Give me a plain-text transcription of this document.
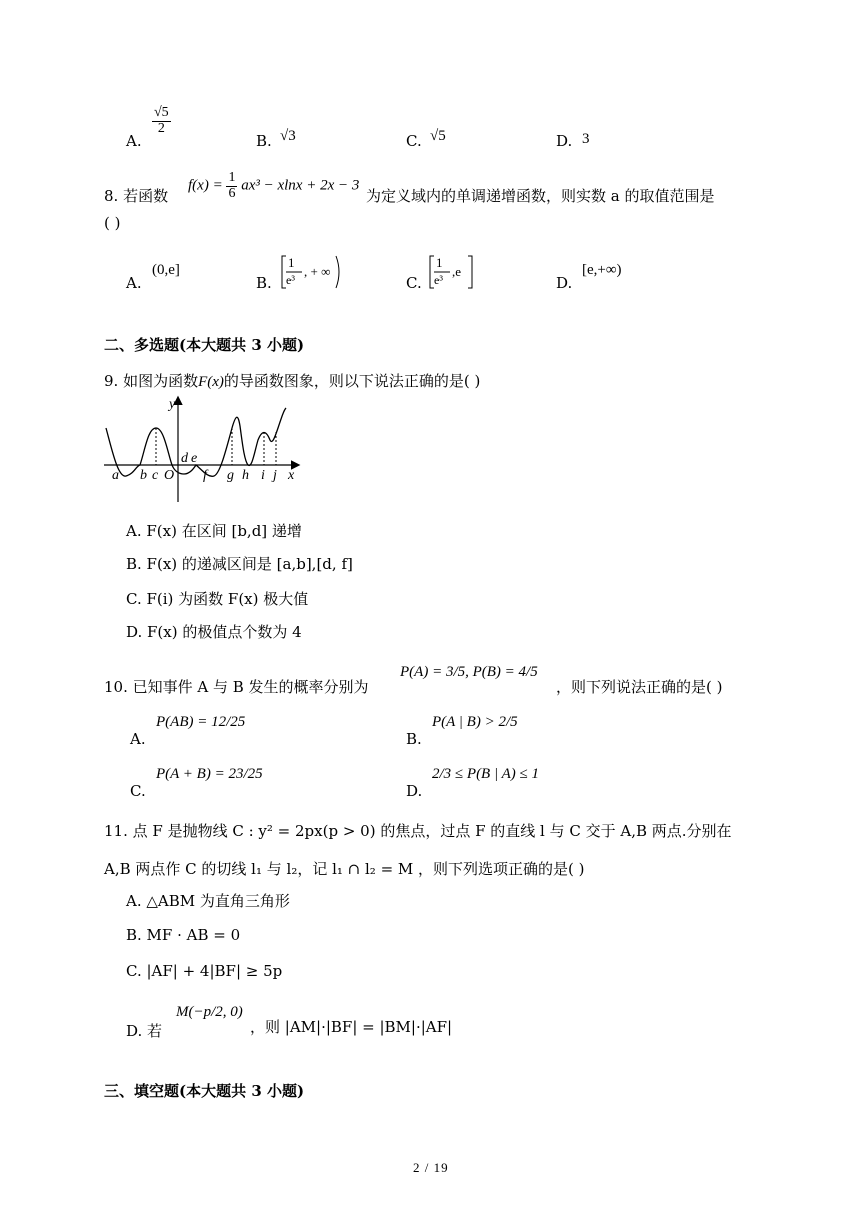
A.
$\frac{√5}{2}$
B. √3	C. √5	D. 3
8. 若函数
$f(x) = \frac{1}{6} ax^3 - xlnx + 2x - 3$
为定义域内的单调递增函数，则实数 a 的取值范围是
( )
A.
(0,e]
B.
1
e³
, + ∞
C.
1
e³
,e
D.
[e,+∞)
二、多选题(本大题共 3 小题)
9. 如图为函数F(x)的导函数图象，则以下说法正确的是( )
y
x
a b c O
d e
f g h i j
A. F(x) 在区间 [b,d] 递增
B. F(x) 的递减区间是 [a,b],[d, f]
C. F(i) 为函数 F(x) 极大值
D. F(x) 的极值点个数为 4
10. 已知事件 A 与 B 发生的概率分别为
P(A) = 3/5, P(B) = 4/5
，则下列说法正确的是( )
A.
P(AB) = 12/25
B.
P(A | B) > 2/5
C.
P(A + B) = 23/25
D.
2/3 ≤ P(B | A) ≤ 1
11. 点 F 是抛物线 C : y² = 2px(p > 0) 的焦点，过点 F 的直线 l 与 C 交于 A,B 两点.分别在
A,B 两点作 C 的切线 l₁ 与 l₂，记 l₁ ∩ l₂ = M ，则下列选项正确的是( )
A. △ABM 为直角三角形
B. MF · AB = 0
C. |AF| + 4|BF| ≥ 5p
D. 若
M(−p/2, 0)
，则 |AM|·|BF| = |BM|·|AF|
三、填空题(本大题共 3 小题)
2 / 19
